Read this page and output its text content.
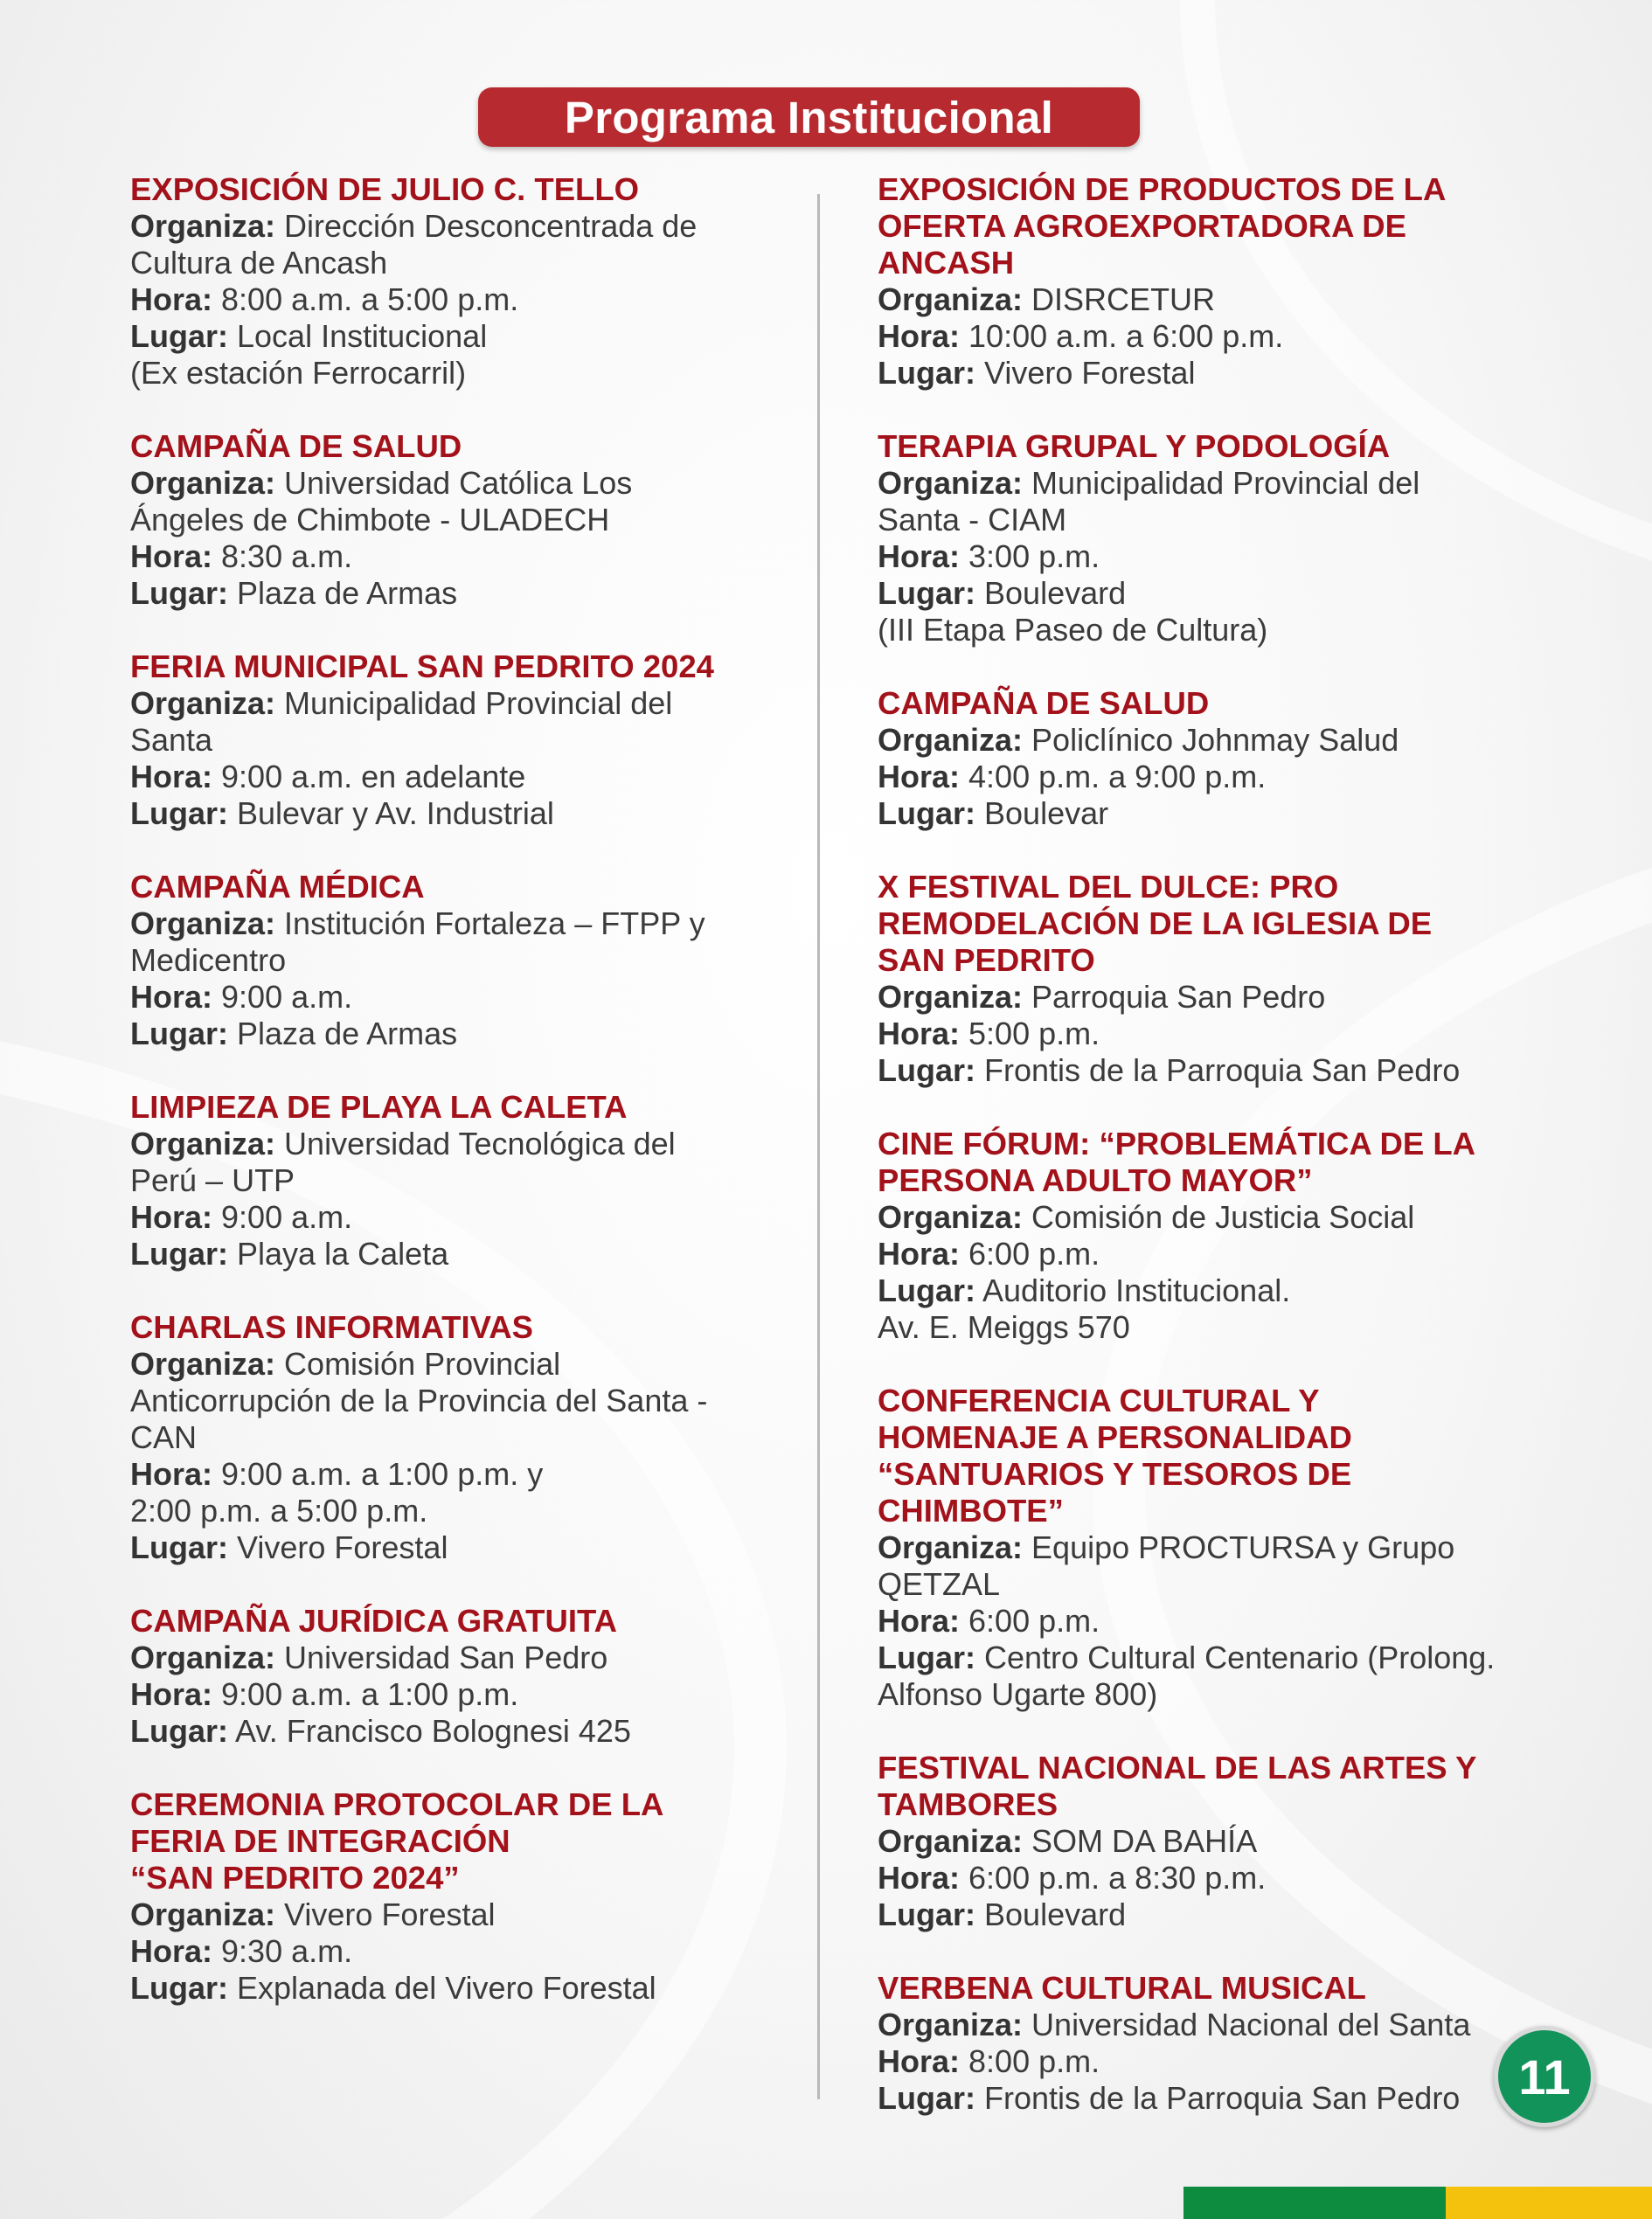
Programa Institucional
EXPOSICIÓN DE JULIO C. TELLO
Organiza: Dirección Desconcentrada de
Cultura de Ancash
Hora: 8:00 a.m. a 5:00 p.m.
Lugar: Local Institucional
(Ex estación Ferrocarril)
CAMPAÑA DE SALUD
Organiza: Universidad Católica Los
Ángeles de Chimbote - ULADECH
Hora: 8:30 a.m.
Lugar: Plaza de Armas
FERIA MUNICIPAL SAN PEDRITO 2024
Organiza: Municipalidad Provincial del
Santa
Hora: 9:00 a.m. en adelante
Lugar: Bulevar y Av. Industrial
CAMPAÑA MÉDICA
Organiza: Institución Fortaleza – FTPP y
Medicentro
Hora: 9:00 a.m.
Lugar: Plaza de Armas
LIMPIEZA DE PLAYA LA CALETA
Organiza: Universidad Tecnológica del
Perú – UTP
Hora: 9:00 a.m.
Lugar: Playa la Caleta
CHARLAS INFORMATIVAS
Organiza: Comisión Provincial
Anticorrupción de la Provincia del Santa -
CAN
Hora: 9:00 a.m. a 1:00 p.m. y
2:00 p.m. a 5:00 p.m.
Lugar: Vivero Forestal
CAMPAÑA JURÍDICA GRATUITA
Organiza: Universidad San Pedro
Hora: 9:00 a.m. a 1:00 p.m.
Lugar: Av. Francisco Bolognesi 425
CEREMONIA PROTOCOLAR DE LA
FERIA DE INTEGRACIÓN
“SAN PEDRITO 2024”
Organiza: Vivero Forestal
Hora: 9:30 a.m.
Lugar: Explanada del Vivero Forestal
EXPOSICIÓN DE PRODUCTOS DE LA
OFERTA AGROEXPORTADORA DE
ANCASH
Organiza: DISRCETUR
Hora: 10:00 a.m. a 6:00 p.m.
Lugar: Vivero Forestal
TERAPIA GRUPAL Y PODOLOGÍA
Organiza: Municipalidad Provincial del
Santa - CIAM
Hora: 3:00 p.m.
Lugar: Boulevard
(III Etapa Paseo de Cultura)
CAMPAÑA DE SALUD
Organiza: Policlínico Johnmay Salud
Hora: 4:00 p.m. a 9:00 p.m.
Lugar: Boulevar
X FESTIVAL DEL DULCE: PRO
REMODELACIÓN DE LA IGLESIA DE
SAN PEDRITO
Organiza: Parroquia San Pedro
Hora: 5:00 p.m.
Lugar: Frontis de la Parroquia San Pedro
CINE FÓRUM: “PROBLEMÁTICA DE LA
PERSONA ADULTO MAYOR”
Organiza: Comisión de Justicia Social
Hora: 6:00 p.m.
Lugar: Auditorio Institucional.
Av. E. Meiggs 570
CONFERENCIA CULTURAL Y
HOMENAJE A PERSONALIDAD
“SANTUARIOS Y TESOROS DE
CHIMBOTE”
Organiza: Equipo PROCTURSA y Grupo
QETZAL
Hora: 6:00 p.m.
Lugar: Centro Cultural Centenario (Prolong.
Alfonso Ugarte 800)
FESTIVAL NACIONAL DE LAS ARTES Y
TAMBORES
Organiza: SOM DA BAHÍA
Hora: 6:00 p.m. a 8:30 p.m.
Lugar: Boulevard
VERBENA CULTURAL MUSICAL
Organiza: Universidad Nacional del Santa
Hora: 8:00 p.m.
Lugar: Frontis de la Parroquia San Pedro	11
